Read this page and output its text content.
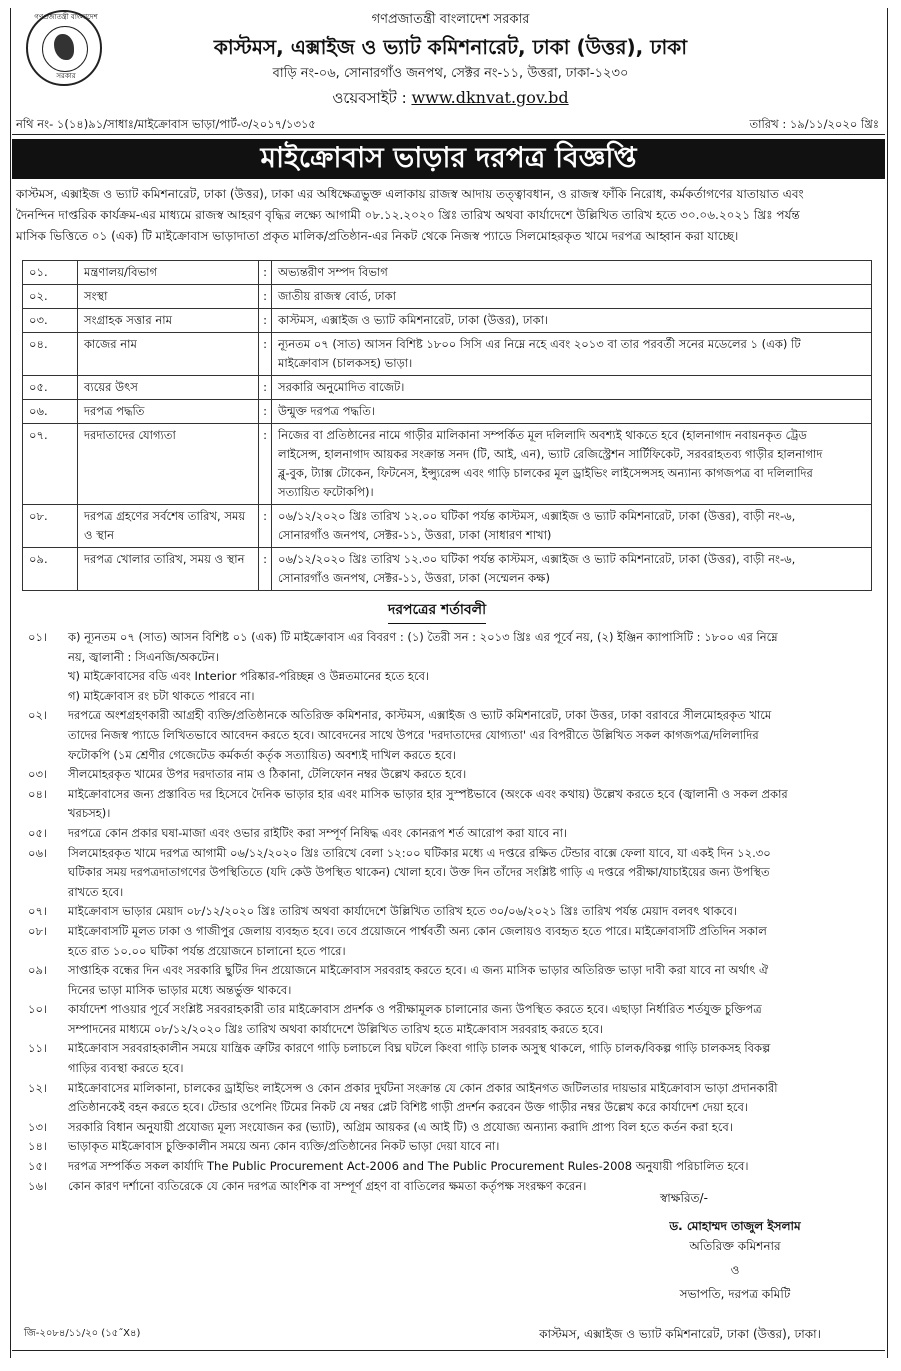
গণপ্রজাতন্ত্রী বাংলাদেশ
সরকার
গণপ্রজাতন্ত্রী বাংলাদেশ সরকার
কাস্টমস, এক্সাইজ ও ভ্যাট কমিশনারেট, ঢাকা (উত্তর), ঢাকা
বাড়ি নং-০৬, সোনারগাঁও জনপথ, সেক্টর নং-১১, উত্তরা, ঢাকা-১২৩০
ওয়েবসাইট : www.dknvat.gov.bd
নথি নং- ১(১৪)৯১/সাধাঃ/মাইক্রোবাস ভাড়া/পার্ট-৩/২০১৭/১৩১৫	তারিখ : ১৯/১১/২০২০ খ্রিঃ
মাইক্রোবাস ভাড়ার দরপত্র বিজ্ঞপ্তি
কাস্টমস, এক্সাইজ ও ভ্যাট কমিশনারেট, ঢাকা (উত্তর), ঢাকা এর অধিক্ষেত্রভুক্ত এলাকায় রাজস্ব আদায় তত্ত্বাবধান, ও রাজস্ব ফাঁকি নিরোধ, কর্মকর্তাগণের যাতায়াত এবং
দৈনন্দিন দাপ্তরিক কার্যক্রম-এর মাধ্যমে রাজস্ব আহরণ বৃদ্ধির লক্ষ্যে আগামী ০৮.১২.২০২০ খ্রিঃ তারিখ অথবা কার্যাদেশে উল্লিখিত তারিখ হতে ৩০.০৬.২০২১ খ্রিঃ পর্যন্ত
মাসিক ভিত্তিতে ০১ (এক) টি মাইক্রোবাস ভাড়াদাতা প্রকৃত মালিক/প্রতিষ্ঠান-এর নিকট থেকে নিজস্ব প্যাডে সিলমোহরকৃত খামে দরপত্র আহ্বান করা যাচ্ছে।
০১.	মন্ত্রণালয়/বিভাগ	:	অভ্যন্তরীণ সম্পদ বিভাগ

০২.	সংস্থা	:	জাতীয় রাজস্ব বোর্ড, ঢাকা

০৩.	সংগ্রাহক সত্তার নাম	:	কাস্টমস, এক্সাইজ ও ভ্যাট কমিশনারেট, ঢাকা (উত্তর), ঢাকা।

০৪.	কাজের নাম	:	ন্যূনতম ০৭ (সাত) আসন বিশিষ্ট ১৮০০ সিসি এর নিম্নে নহে এবং ২০১৩ বা তার পরবর্তী সনের মডেলের ১ (এক) টি
মাইক্রোবাস (চালকসহ) ভাড়া।

০৫.	ব্যয়ের উৎস	:	সরকারি অনুমোদিত বাজেট।

০৬.	দরপত্র পদ্ধতি	:	উন্মুক্ত দরপত্র পদ্ধতি।

০৭.	দরদাতাদের যোগ্যতা	:	নিজের বা প্রতিষ্ঠানের নামে গাড়ীর মালিকানা সম্পর্কিত মূল দলিলাদি অবশ্যই থাকতে হবে (হালনাগাদ নবায়নকৃত ট্রেড
লাইসেন্স, হালনাগাদ আয়কর সংক্রান্ত সনদ (টি, আই, এন), ভ্যাট রেজিস্ট্রেশন সার্টিফিকেট, সরবরাহতব্য গাড়ীর হালনাগাদ
ব্লু-বুক, ট্যাক্স টোকেন, ফিটনেস, ইন্স্যুরেন্স এবং গাড়ি চালকের মূল ড্রাইভিং লাইসেন্সসহ অন্যান্য কাগজপত্র বা দলিলাদির
সত্যায়িত ফটোকপি)।

০৮.	দরপত্র গ্রহণের সর্বশেষ তারিখ, সময় ও স্থান	:	০৬/১২/২০২০ খ্রিঃ তারিখ ১২.০০ ঘটিকা পর্যন্ত কাস্টমস, এক্সাইজ ও ভ্যাট কমিশনারেট, ঢাকা (উত্তর), বাড়ী নং-৬,
সোনারগাঁও জনপথ, সেক্টর-১১, উত্তরা, ঢাকা (সাধারণ শাখা)

০৯.	দরপত্র খোলার তারিখ, সময় ও স্থান	:	০৬/১২/২০২০ খ্রিঃ তারিখ ১২.৩০ ঘটিকা পর্যন্ত কাস্টমস, এক্সাইজ ও ভ্যাট কমিশনারেট, ঢাকা (উত্তর), বাড়ী নং-৬,
সোনারগাঁও জনপথ, সেক্টর-১১, উত্তরা, ঢাকা (সম্মেলন কক্ষ)
দরপত্রের শর্তাবলী
০১।	ক) ন্যূনতম ০৭ (সাত) আসন বিশিষ্ট ০১ (এক) টি মাইক্রোবাস এর বিবরণ : (১) তৈরী সন : ২০১৩ খ্রিঃ এর পূর্বে নয়, (২) ইঞ্জিন ক্যাপাসিটি : ১৮০০ এর নিম্নে
নয়, জ্বালানী : সিএনজি/অকটেন।
খ) মাইক্রোবাসের বডি এবং Interior পরিষ্কার-পরিচ্ছন্ন ও উন্নতমানের হতে হবে।
গ) মাইক্রোবাস রং চটা থাকতে পারবে না।
০২।	দরপত্রে অংশগ্রহণকারী আগ্রহী ব্যক্তি/প্রতিষ্ঠানকে অতিরিক্ত কমিশনার, কাস্টমস, এক্সাইজ ও ভ্যাট কমিশনারেট, ঢাকা উত্তর, ঢাকা বরাবরে সীলমোহরকৃত খামে
তাদের নিজস্ব প্যাডে লিখিতভাবে আবেদন করতে হবে। আবেদনের সাথে উপরে 'দরদাতাদের যোগ্যতা' এর বিপরীতে উল্লিখিত সকল কাগজপত্র/দলিলাদির
ফটোকপি (১ম শ্রেণীর গেজেটেড কর্মকর্তা কর্তৃক সত্যায়িত) অবশ্যই দাখিল করতে হবে।
০৩।	সীলমোহরকৃত খামের উপর দরদাতার নাম ও ঠিকানা, টেলিফোন নম্বর উল্লেখ করতে হবে।
০৪।	মাইক্রোবাসের জন্য প্রস্তাবিত দর হিসেবে দৈনিক ভাড়ার হার এবং মাসিক ভাড়ার হার সুস্পষ্টভাবে (অংকে এবং কথায়) উল্লেখ করতে হবে (জ্বালানী ও সকল প্রকার
খরচসহ)।
০৫।	দরপত্রে কোন প্রকার ঘষা-মাজা এবং ওভার রাইটিং করা সম্পূর্ণ নিষিদ্ধ এবং কোনরূপ শর্ত আরোপ করা যাবে না।
০৬।	সিলমোহরকৃত খামে দরপত্র আগামী ০৬/১২/২০২০ খ্রিঃ তারিখে বেলা ১২:০০ ঘটিকার মধ্যে এ দপ্তরে রক্ষিত টেন্ডার বাক্সে ফেলা যাবে, যা একই দিন ১২.৩০
ঘটিকার সময় দরপত্রদাতাগণের উপস্থিতিতে (যদি কেউ উপস্থিত থাকেন) খোলা হবে। উক্ত দিন তাঁদের সংশ্লিষ্ট গাড়ি এ দপ্তরে পরীক্ষা/যাচাইয়ের জন্য উপস্থিত
রাখতে হবে।
০৭।	মাইক্রোবাস ভাড়ার মেয়াদ ০৮/১২/২০২০ খ্রিঃ তারিখ অথবা কার্যাদেশে উল্লিখিত তারিখ হতে ৩০/০৬/২০২১ খ্রিঃ তারিখ পর্যন্ত মেয়াদ বলবৎ থাকবে।
০৮।	মাইক্রোবাসটি মূলত ঢাকা ও গাজীপুর জেলায় ব্যবহৃত হবে। তবে প্রয়োজনে পার্শ্ববর্তী অন্য কোন জেলায়ও ব্যবহৃত হতে পারে। মাইক্রোবাসটি প্রতিদিন সকাল
হতে রাত ১০.০০ ঘটিকা পর্যন্ত প্রয়োজনে চালানো হতে পারে।
০৯।	সাপ্তাহিক বন্ধের দিন এবং সরকারি ছুটির দিন প্রয়োজনে মাইক্রোবাস সরবরাহ করতে হবে। এ জন্য মাসিক ভাড়ার অতিরিক্ত ভাড়া দাবী করা যাবে না অর্থাৎ ঐ
দিনের ভাড়া মাসিক ভাড়ার মধ্যে অন্তর্ভুক্ত থাকবে।
১০।	কার্যাদেশ পাওয়ার পূর্বে সংশ্লিষ্ট সরবরাহকারী তার মাইক্রোবাস প্রদর্শক ও পরীক্ষামূলক চালানোর জন্য উপস্থিত করতে হবে। এছাড়া নির্ধারিত শর্তযুক্ত চুক্তিপত্র
সম্পাদনের মাধ্যমে ০৮/১২/২০২০ খ্রিঃ তারিখ অথবা কার্যাদেশে উল্লিখিত তারিখ হতে মাইক্রোবাস সরবরাহ করতে হবে।
১১।	মাইক্রোবাস সরবরাহকালীন সময়ে যান্ত্রিক ত্রুটির কারণে গাড়ি চলাচলে বিঘ্ন ঘটলে কিংবা গাড়ি চালক অসুস্থ থাকলে, গাড়ি চালক/বিকল্প গাড়ি চালকসহ বিকল্প
গাড়ির ব্যবস্থা করতে হবে।
১২।	মাইক্রোবাসের মালিকানা, চালকের ড্রাইভিং লাইসেন্স ও কোন প্রকার দুর্ঘটনা সংক্রান্ত যে কোন প্রকার আইনগত জটিলতার দায়ভার মাইক্রোবাস ভাড়া প্রদানকারী
প্রতিষ্ঠানকেই বহন করতে হবে। টেন্ডার ওপেনিং টিমের নিকট যে নম্বর প্লেট বিশিষ্ট গাড়ী প্রদর্শন করবেন উক্ত গাড়ীর নম্বর উল্লেখ করে কার্যাদেশ দেয়া হবে।
১৩।	সরকারি বিধান অনুযায়ী প্রযোজ্য মূল্য সংযোজন কর (ভ্যাট), অগ্রিম আয়কর (এ আই টি) ও প্রযোজ্য অন্যান্য করাদি প্রাপ্য বিল হতে কর্তন করা হবে।
১৪।	ভাড়াকৃত মাইক্রোবাস চুক্তিকালীন সময়ে অন্য কোন ব্যক্তি/প্রতিষ্ঠানের নিকট ভাড়া দেয়া যাবে না।
১৫।	দরপত্র সম্পর্কিত সকল কার্যাদি The Public Procurement Act-2006 and The Public Procurement Rules-2008 অনুযায়ী পরিচালিত হবে।
১৬।	কোন কারণ দর্শানো ব্যতিরেকে যে কোন দরপত্র আংশিক বা সম্পূর্ণ গ্রহণ বা বাতিলের ক্ষমতা কর্তৃপক্ষ সংরক্ষণ করেন।
স্বাক্ষরিত/-
ড. মোহাম্মদ তাজুল ইসলাম
অতিরিক্ত কমিশনার
ও
সভাপতি, দরপত্র কমিটি
কাস্টমস, এক্সাইজ ও ভ্যাট কমিশনারেট, ঢাকা (উত্তর), ঢাকা।
জি-২০৮৪/১১/২০ (১৫˝X৪)
